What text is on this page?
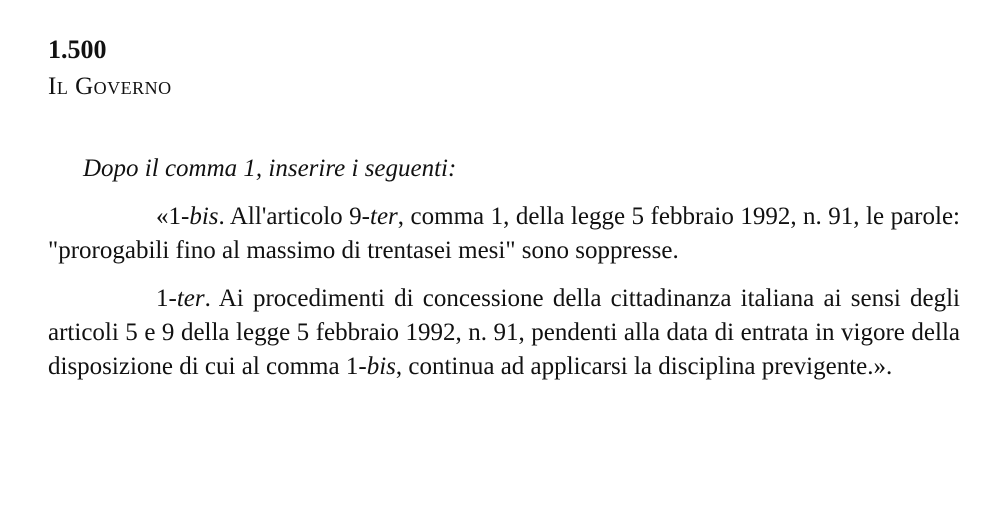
1.500

Il Governo

Dopo il comma 1, inserire i seguenti:

«1-bis. All'articolo 9-ter, comma 1, della legge 5 febbraio 1992, n. 91, le parole: "prorogabili fino al massimo di trentasei mesi" sono soppresse.

1-ter. Ai procedimenti di concessione della cittadinanza italiana ai sensi degli articoli 5 e 9 della legge 5 febbraio 1992, n. 91, pendenti alla data di entrata in vigore della disposizione di cui al comma 1-bis, continua ad applicarsi la disciplina previgente.».
